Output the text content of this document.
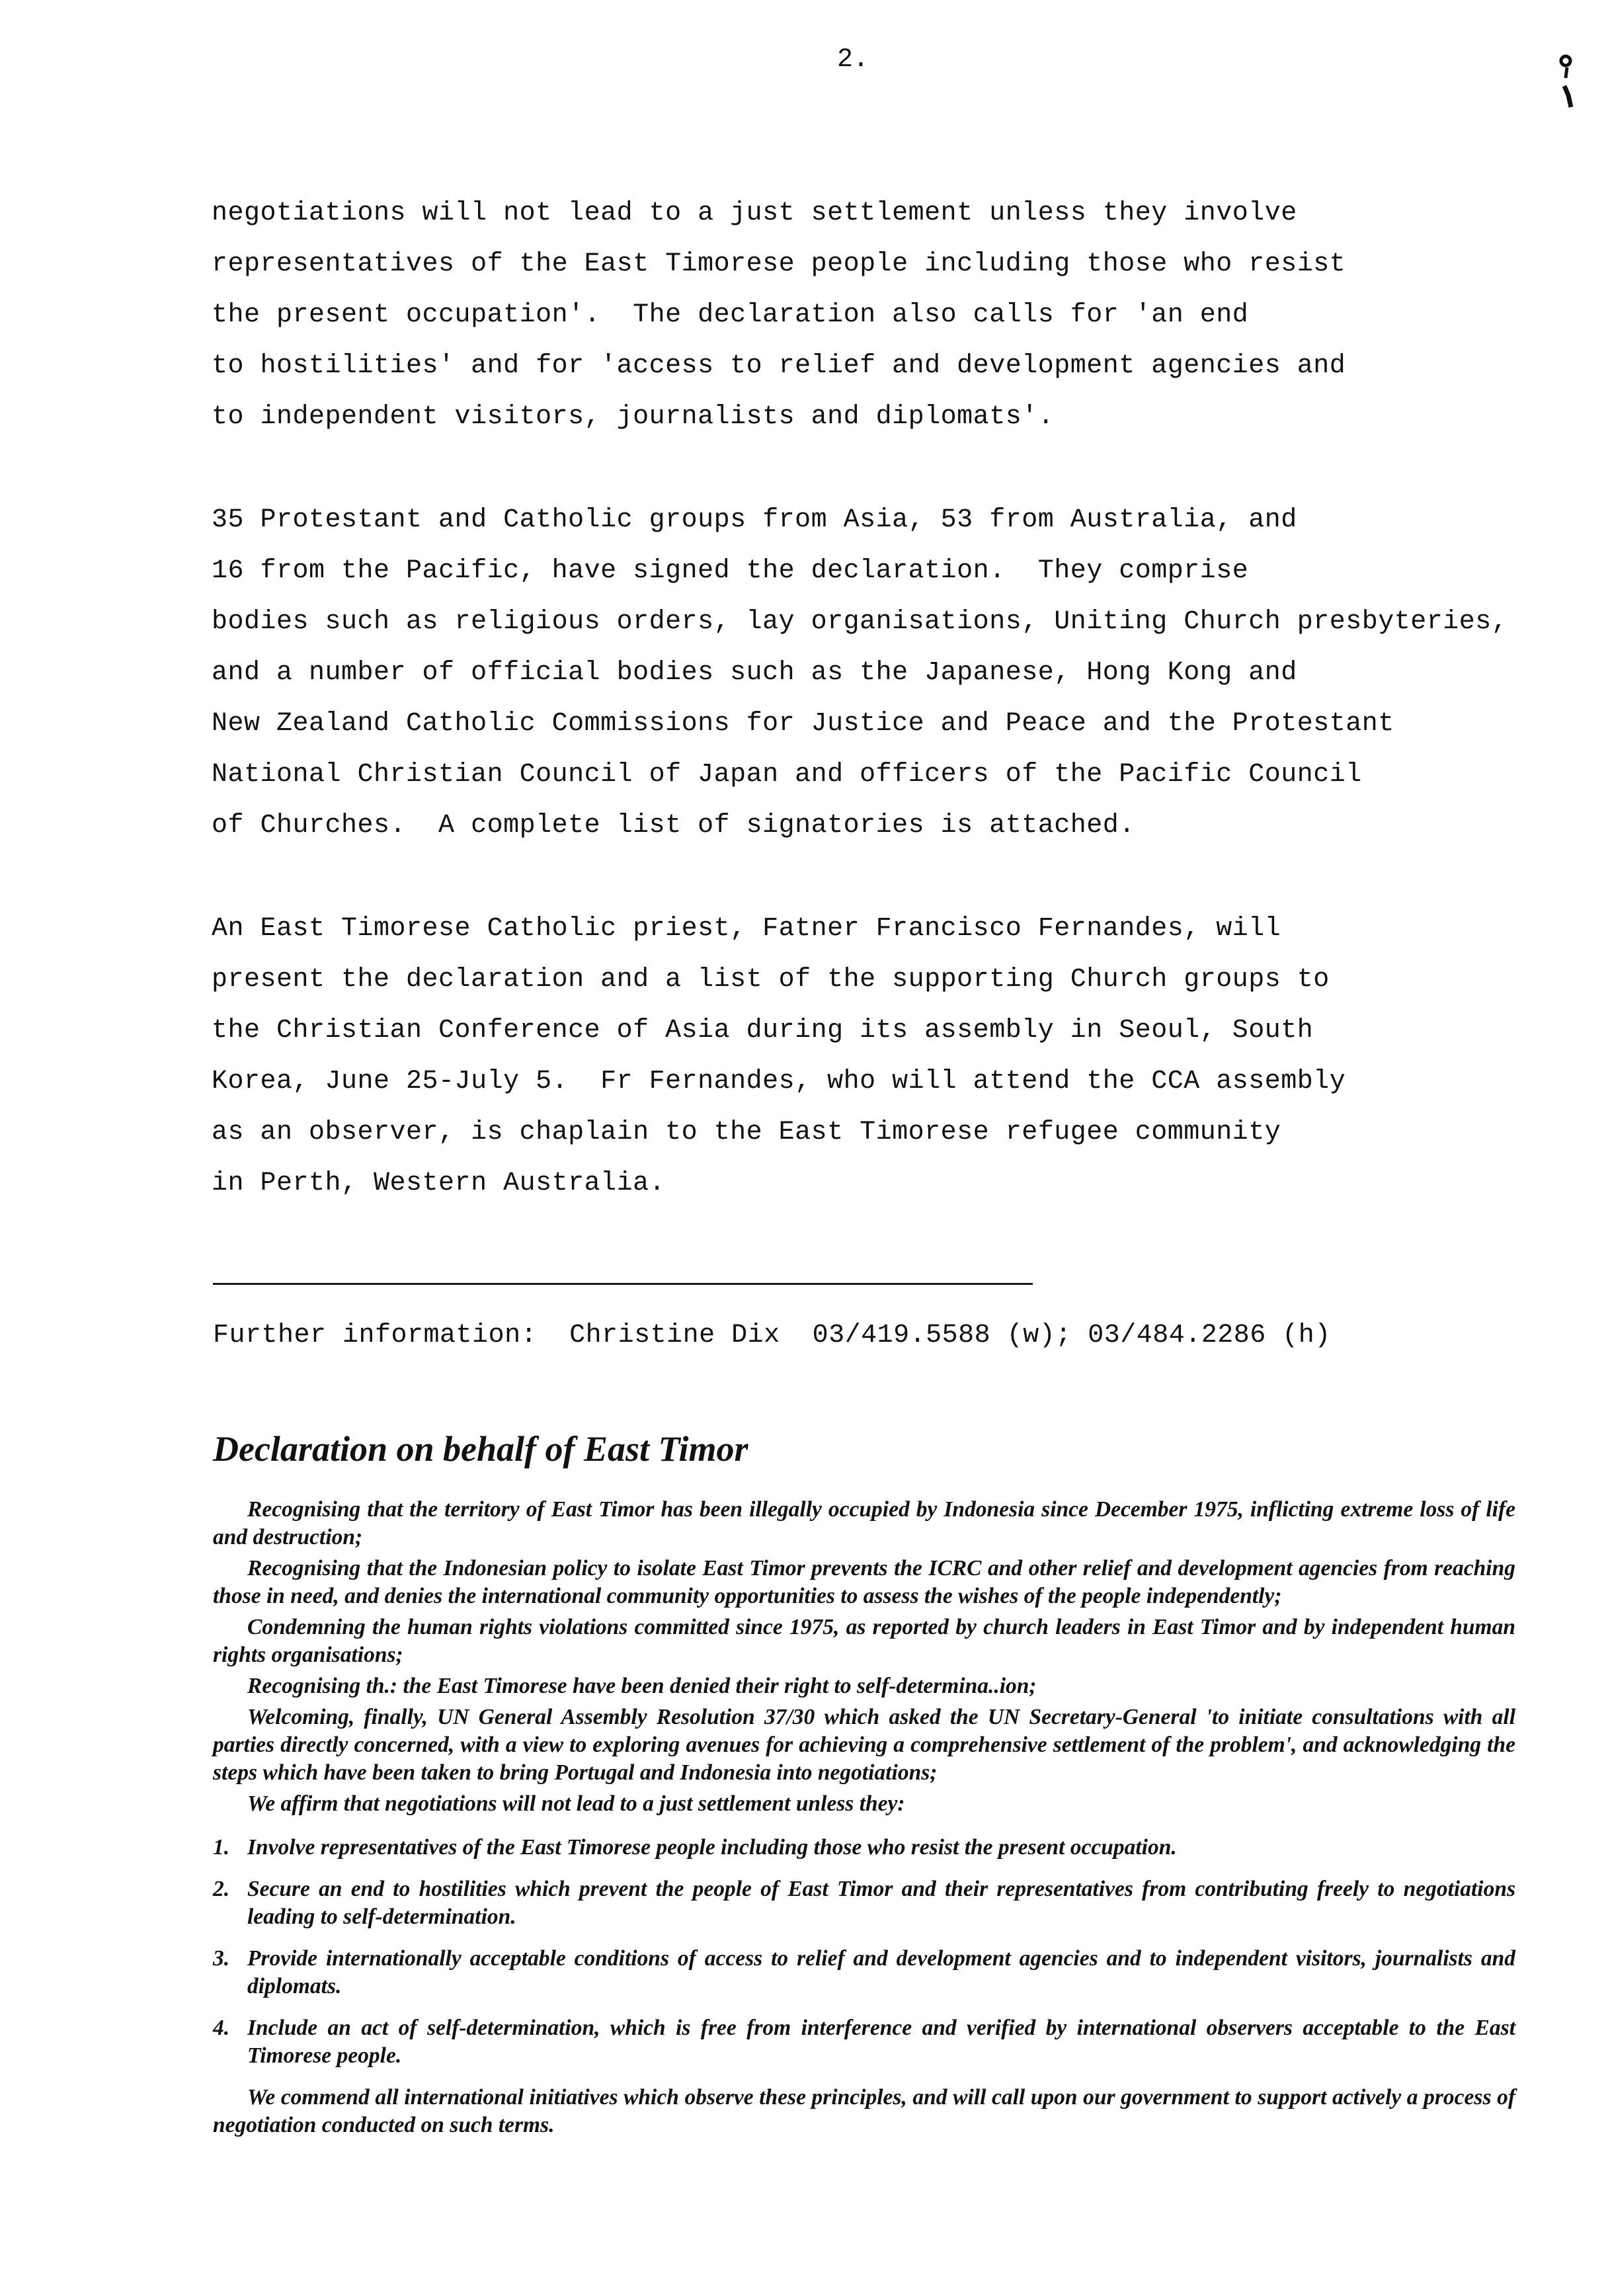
2.
negotiations will not lead to a just settlement unless they involve
representatives of the East Timorese people including those who resist
the present occupation'.  The declaration also calls for 'an end
to hostilities' and for 'access to relief and development agencies and
to independent visitors, journalists and diplomats'.
35 Protestant and Catholic groups from Asia, 53 from Australia, and
16 from the Pacific, have signed the declaration.  They comprise
bodies such as religious orders, lay organisations, Uniting Church presbyteries,
and a number of official bodies such as the Japanese, Hong Kong and
New Zealand Catholic Commissions for Justice and Peace and the Protestant
National Christian Council of Japan and officers of the Pacific Council
of Churches.  A complete list of signatories is attached.
An East Timorese Catholic priest, Fatner Francisco Fernandes, will
present the declaration and a list of the supporting Church groups to
the Christian Conference of Asia during its assembly in Seoul, South
Korea, June 25-July 5.  Fr Fernandes, who will attend the CCA assembly
as an observer, is chaplain to the East Timorese refugee community
in Perth, Western Australia.
Further information:  Christine Dix  03/419.5588 (w); 03/484.2286 (h)
Declaration on behalf of East Timor

Recognising that the territory of East Timor has been illegally occupied by Indonesia since December 1975, inflicting extreme loss of life and destruction;

Recognising that the Indonesian policy to isolate East Timor prevents the ICRC and other relief and development agencies from reaching those in need, and denies the international community opportunities to assess the wishes of the people independently;

Condemning the human rights violations committed since 1975, as reported by church leaders in East Timor and by independent human rights organisations;

Recognising th.: the East Timorese have been denied their right to self-determina..ion;

Welcoming, finally, UN General Assembly Resolution 37/30 which asked the UN Secretary-General 'to initiate consultations with all parties directly concerned, with a view to exploring avenues for achieving a comprehensive settlement of the problem', and acknowledging the steps which have been taken to bring Portugal and Indonesia into negotiations;

We affirm that negotiations will not lead to a just settlement unless they:

1. Involve representatives of the East Timorese people including those who resist the present occupation.
2. Secure an end to hostilities which prevent the people of East Timor and their representatives from contributing freely to negotiations leading to self-determination.
3. Provide internationally acceptable conditions of access to relief and development agencies and to independent visitors, journalists and diplomats.
4. Include an act of self-determination, which is free from interference and verified by international observers acceptable to the East Timorese people.

We commend all international initiatives which observe these principles, and will call upon our government to support actively a process of negotiation conducted on such terms.
